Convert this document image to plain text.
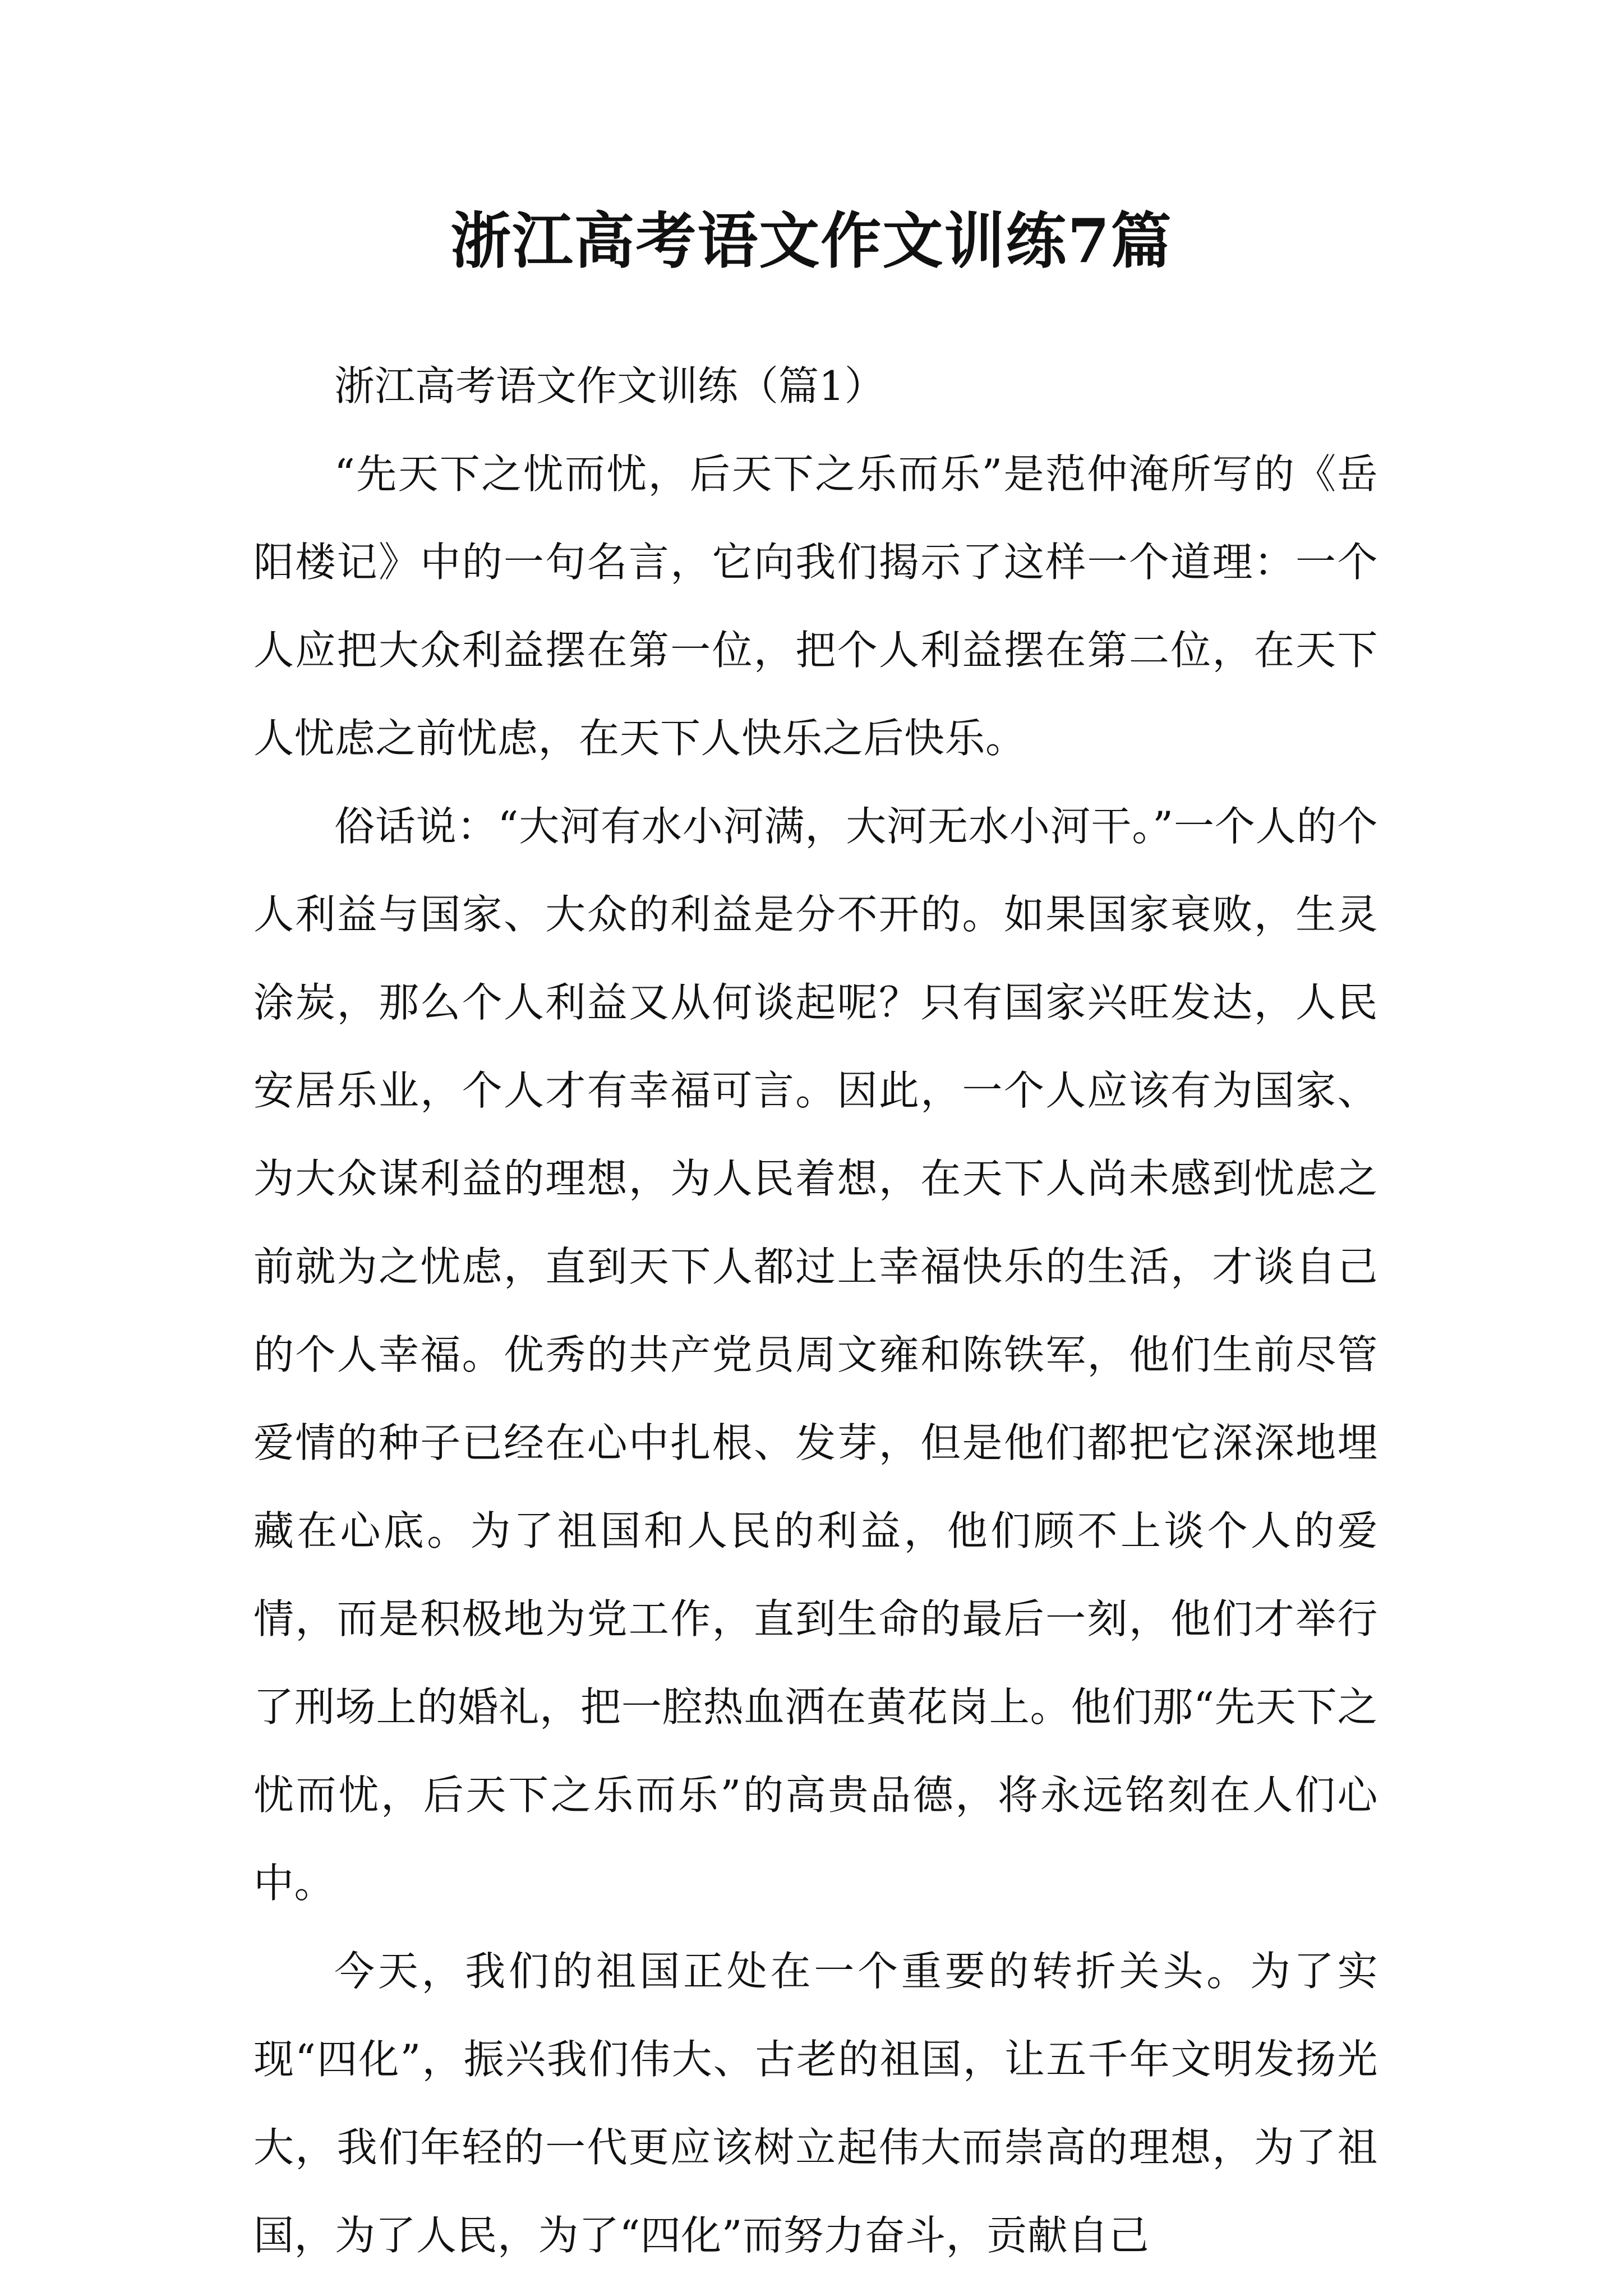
浙江高考语文作文训练7篇
浙江高考语文作文训练（篇1）

“先天下之忧而忧，后天下之乐而乐”是范仲淹所写的《岳阳楼记》中的一句名言，它向我们揭示了这样一个道理：一个人应把大众利益摆在第一位，把个人利益摆在第二位，在天下人忧虑之前忧虑，在天下人快乐之后快乐。

俗话说：“大河有水小河满，大河无水小河干。”一个人的个人利益与国家、大众的利益是分不开的。如果国家衰败，生灵涂炭，那么个人利益又从何谈起呢？只有国家兴旺发达，人民安居乐业，个人才有幸福可言。因此，一个人应该有为国家、为大众谋利益的理想，为人民着想，在天下人尚未感到忧虑之前就为之忧虑，直到天下人都过上幸福快乐的生活，才谈自己的个人幸福。优秀的共产党员周文雍和陈铁军，他们生前尽管爱情的种子已经在心中扎根、发芽，但是他们都把它深深地埋藏在心底。为了祖国和人民的利益，他们顾不上谈个人的爱情，而是积极地为党工作，直到生命的最后一刻，他们才举行了刑场上的婚礼，把一腔热血洒在黄花岗上。他们那“先天下之忧而忧，后天下之乐而乐”的高贵品德，将永远铭刻在人们心中。

今天，我们的祖国正处在一个重要的转折关头。为了实现“四化”，振兴我们伟大、古老的祖国，让五千年文明发扬光大，我们年轻的一代更应该树立起伟大而崇高的理想，为了祖国，为了人民，为了“四化”而努力奋斗，贡献自己
